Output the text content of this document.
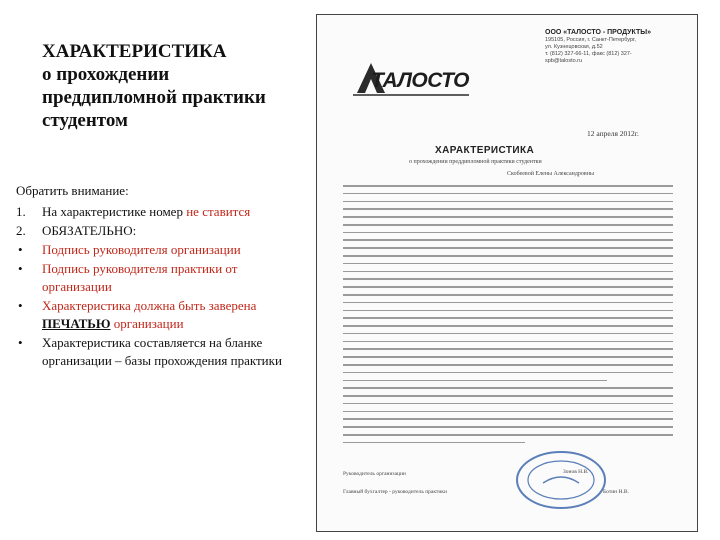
ХАРАКТЕРИСТИКА
о прохождении
преддипломной практики
студентом
Обратить внимание:
1.	На характеристике номер не ставится
2.	ОБЯЗАТЕЛЬНО:
•	Подпись руководителя организации
•	Подпись руководителя практики от организации
•	Характеристика должна быть заверена ПЕЧАТЬЮ организации
•	Характеристика составляется на бланке организации – базы прохождения практики
ТАЛОСТО
ООО «ТАЛОСТО - ПРОДУКТЫ»
195105, Россия, г. Санкт-Петербург,
ул. Кузнецовская, д.52
т. (812) 327-66-11, факс (812) 327-
spb@talosto.ru
12 апреля 2012г.
ХАРАКТЕРИСТИКА
о прохождении преддипломной практики студентки
Скобеевой Елены Александровны
Руководитель организации
Главный бухгалтер - руководитель практики
Зонов Н.В.
Ботин Н.В.
